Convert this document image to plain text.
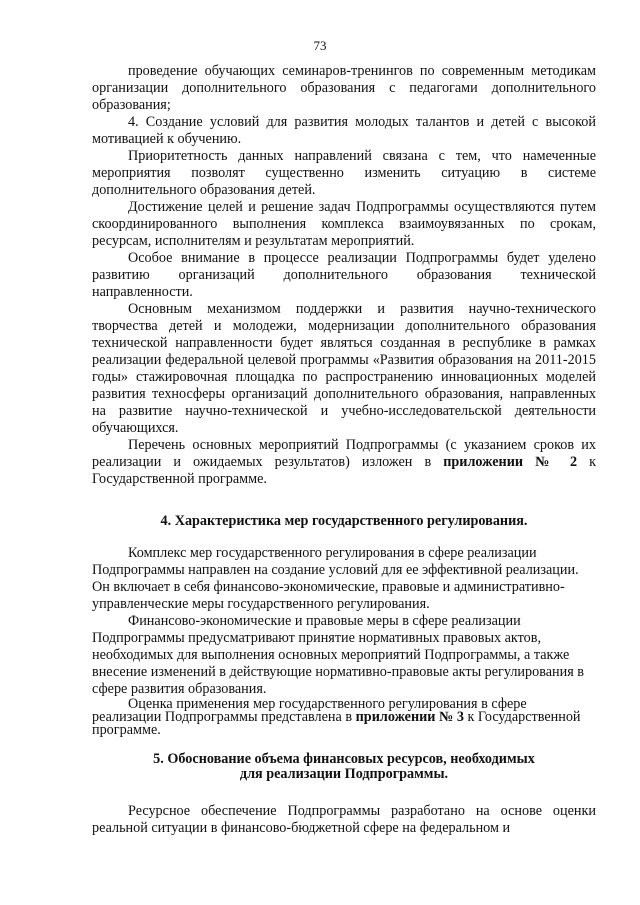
73

проведение обучающих семинаров-тренингов по современным методикам организации дополнительного образования с педагогами дополнительного образования;

4. Создание условий для развития молодых талантов и детей с высокой мотивацией к обучению.

Приоритетность данных направлений связана с тем, что намеченные мероприятия позволят существенно изменить ситуацию в системе дополнительного образования детей.

Достижение целей и решение задач Подпрограммы осуществляются путем скоординированного выполнения комплекса взаимоувязанных по срокам, ресурсам, исполнителям и результатам мероприятий.

Особое внимание в процессе реализации Подпрограммы будет уделено развитию организаций дополнительного образования технической направленности.

Основным механизмом поддержки и развития научно-технического творчества детей и молодежи, модернизации дополнительного образования технической направленности будет являться созданная в республике в рамках реализации федеральной целевой программы «Развития образования на 2011-2015 годы» стажировочная площадка по распространению инновационных моделей развития техносферы организаций дополнительного образования, направленных на развитие научно-технической и учебно-исследовательской деятельности обучающихся.

Перечень основных мероприятий Подпрограммы (с указанием сроков их реализации и ожидаемых результатов) изложен в приложении № 2 к Государственной программе.

4. Характеристика мер государственного регулирования.

Комплекс мер государственного регулирования в сфере реализации Подпрограммы направлен на создание условий для ее эффективной реализации. Он включает в себя финансово-экономические, правовые и административно-управленческие меры государственного регулирования.

Финансово-экономические и правовые меры в сфере реализации Подпрограммы предусматривают принятие нормативных правовых актов, необходимых для выполнения основных мероприятий Подпрограммы, а также внесение изменений в действующие нормативно-правовые акты регулирования в сфере развития образования.

Оценка применения мер государственного регулирования в сфере реализации Подпрограммы представлена в приложении № 3 к Государственной программе.

5. Обоснование объема финансовых ресурсов, необходимых
для реализации Подпрограммы.

Ресурсное обеспечение Подпрограммы разработано на основе оценки реальной ситуации в финансово-бюджетной сфере на федеральном и
